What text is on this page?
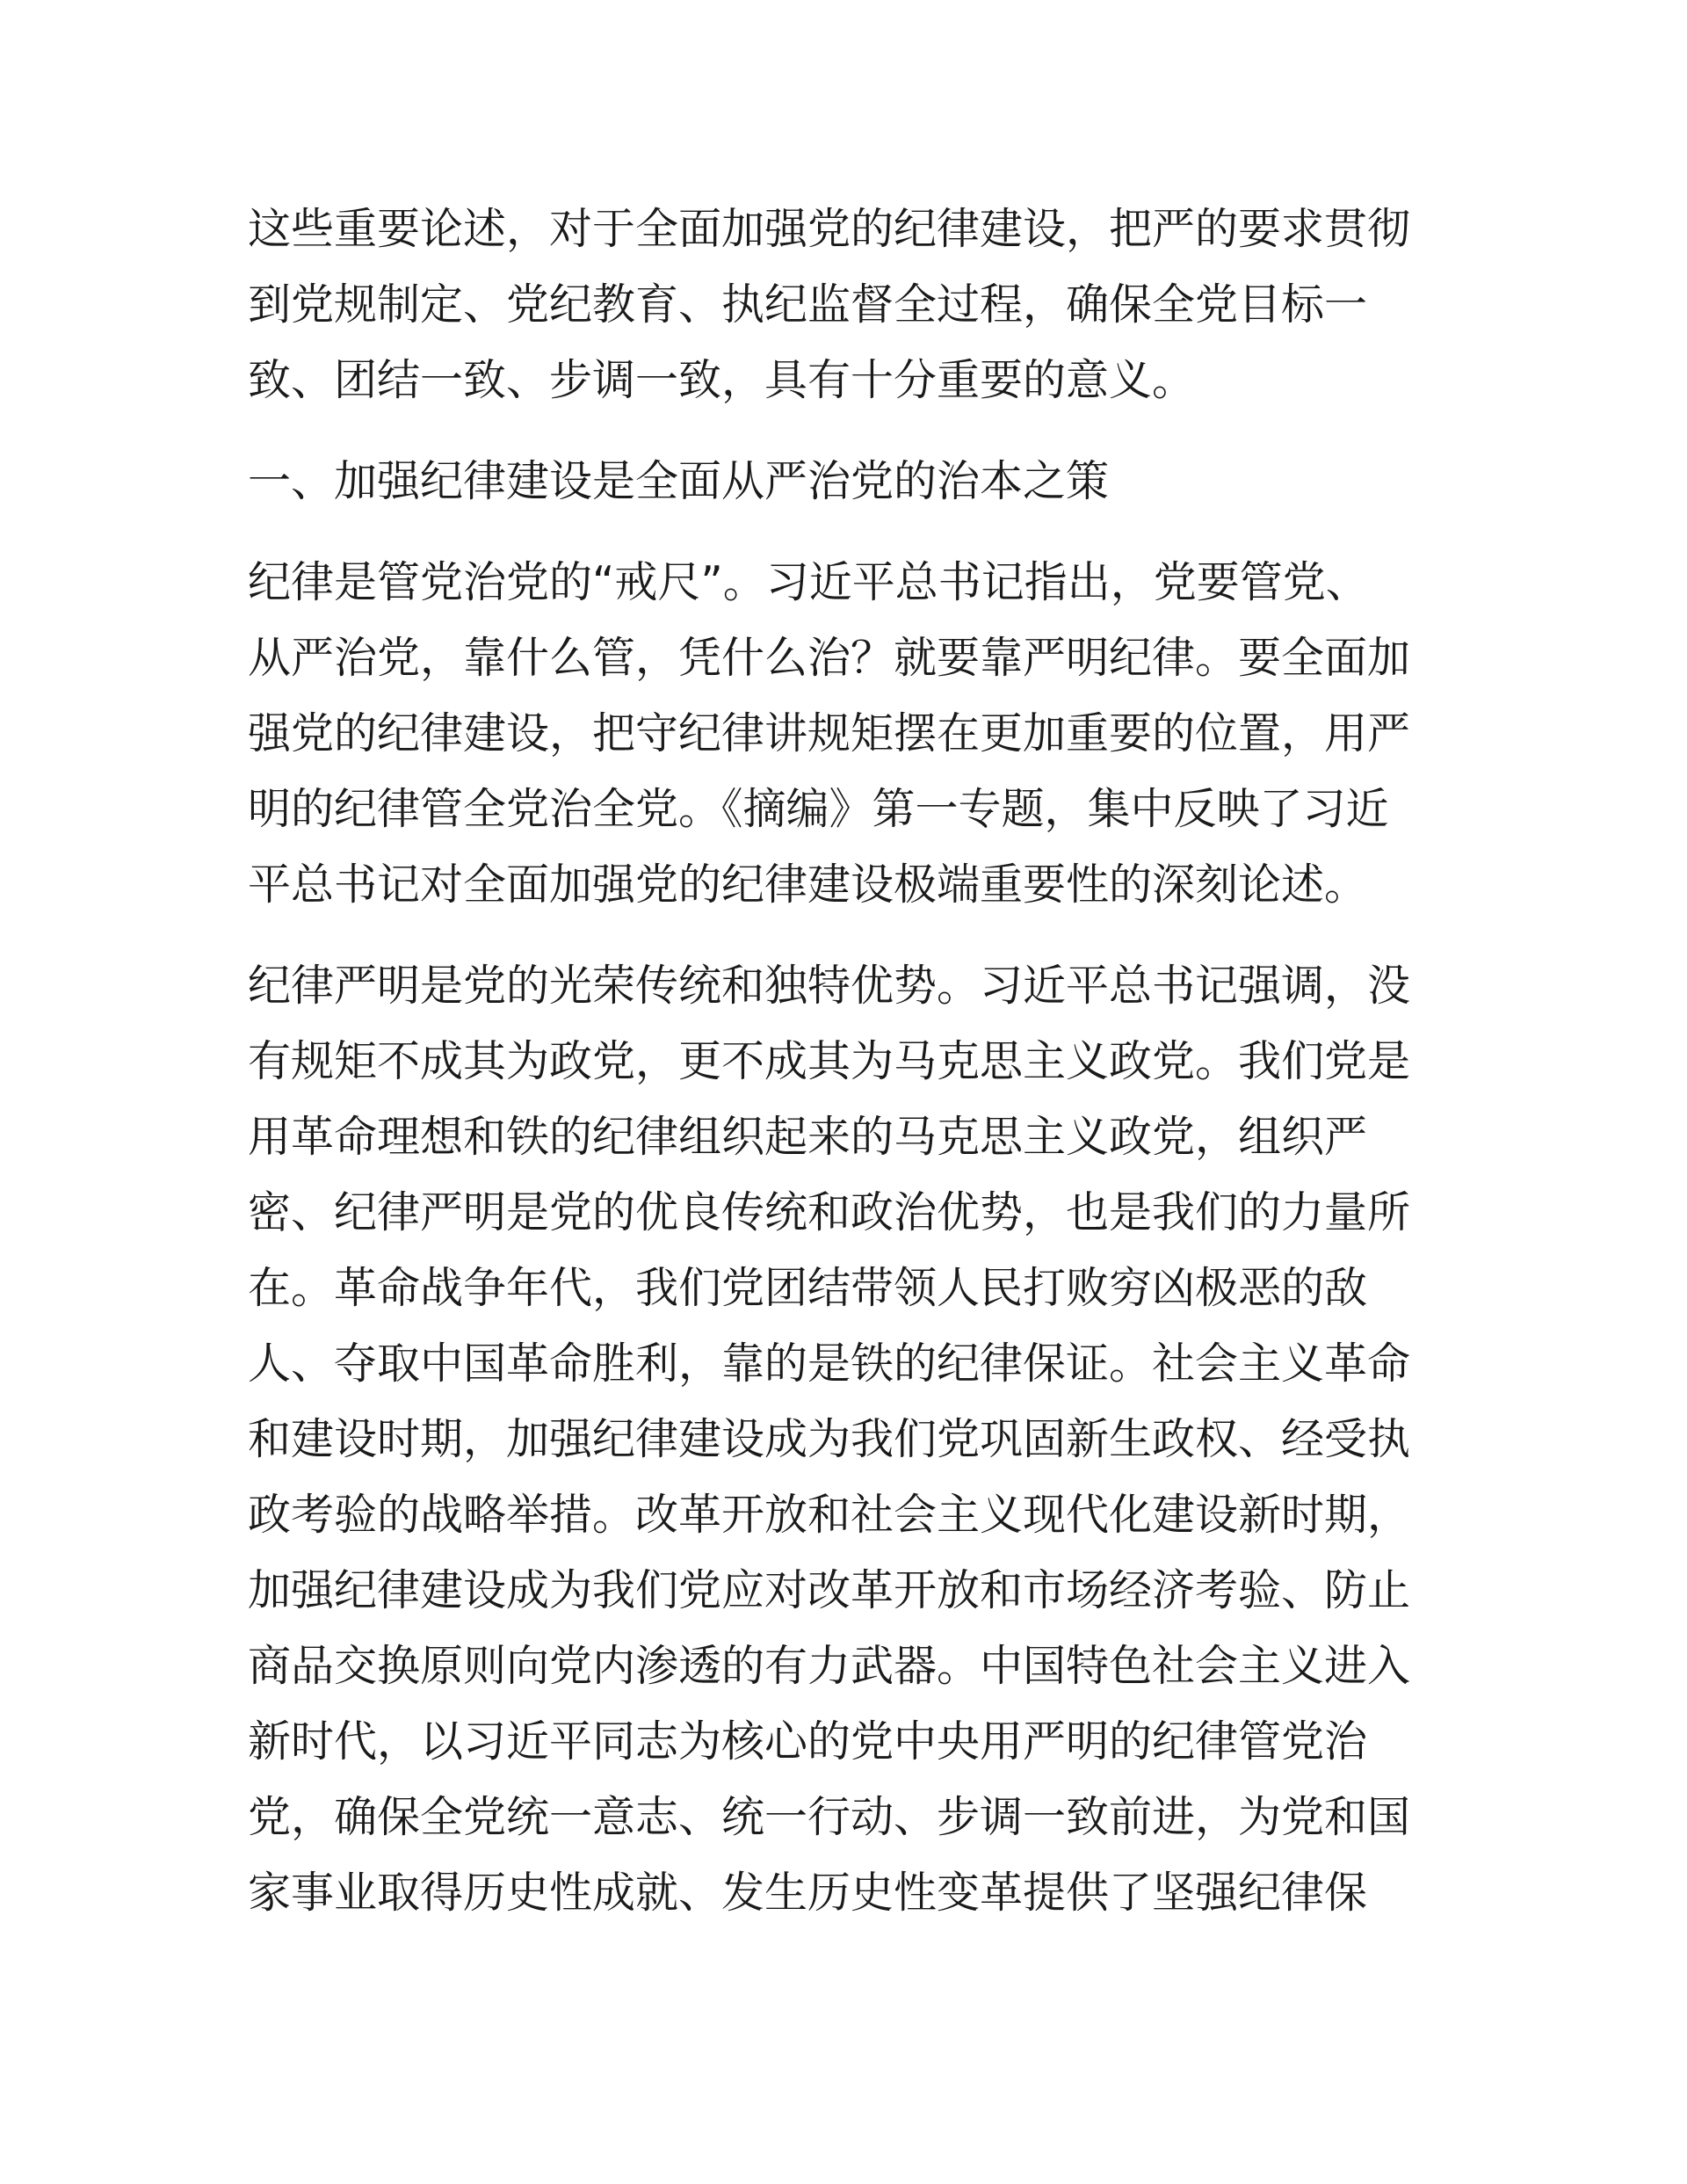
这些重要论述，对于全面加强党的纪律建设，把严的要求贯彻
到党规制定、党纪教育、执纪监督全过程，确保全党目标一
致、团结一致、步调一致，具有十分重要的意义。

一、加强纪律建设是全面从严治党的治本之策

纪律是管党治党的“戒尺”。习近平总书记指出，党要管党、
从严治党，靠什么管，凭什么治？就要靠严明纪律。要全面加
强党的纪律建设，把守纪律讲规矩摆在更加重要的位置，用严
明的纪律管全党治全党。《摘编》第一专题，集中反映了习近
平总书记对全面加强党的纪律建设极端重要性的深刻论述。

纪律严明是党的光荣传统和独特优势。习近平总书记强调，没
有规矩不成其为政党，更不成其为马克思主义政党。我们党是
用革命理想和铁的纪律组织起来的马克思主义政党，组织严
密、纪律严明是党的优良传统和政治优势，也是我们的力量所
在。革命战争年代，我们党团结带领人民打败穷凶极恶的敌
人、夺取中国革命胜利，靠的是铁的纪律保证。社会主义革命
和建设时期，加强纪律建设成为我们党巩固新生政权、经受执
政考验的战略举措。改革开放和社会主义现代化建设新时期，
加强纪律建设成为我们党应对改革开放和市场经济考验、防止
商品交换原则向党内渗透的有力武器。中国特色社会主义进入
新时代，以习近平同志为核心的党中央用严明的纪律管党治
党，确保全党统一意志、统一行动、步调一致前进，为党和国
家事业取得历史性成就、发生历史性变革提供了坚强纪律保
